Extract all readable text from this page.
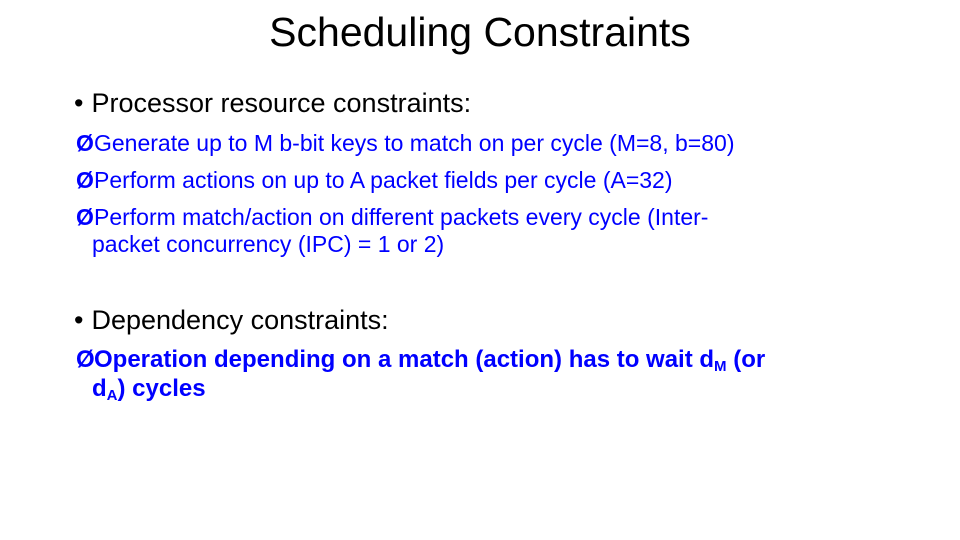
Scheduling Constraints
• Processor resource constraints:
ØGenerate up to M b-bit keys to match on per cycle (M=8, b=80)
ØPerform actions on up to A packet fields per cycle (A=32)
ØPerform match/action on different packets every cycle (Inter-
packet concurrency (IPC) = 1 or 2)
• Dependency constraints:
ØOperation depending on a match (action) has to wait $d_M$ (or
$d_A$) cycles
